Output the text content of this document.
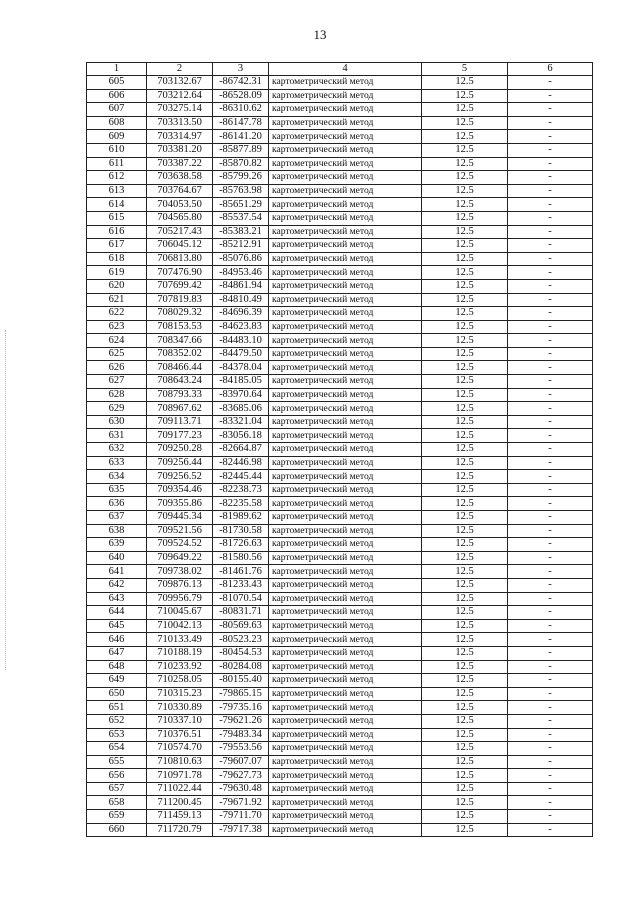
13
1	2	3	4	5	6
605	703132.67	-86742.31	картометрический метод	12.5	-
606	703212.64	-86528.09	картометрический метод	12.5	-
607	703275.14	-86310.62	картометрический метод	12.5	-
608	703313.50	-86147.78	картометрический метод	12.5	-
609	703314.97	-86141.20	картометрический метод	12.5	-
610	703381.20	-85877.89	картометрический метод	12.5	-
611	703387.22	-85870.82	картометрический метод	12.5	-
612	703638.58	-85799.26	картометрический метод	12.5	-
613	703764.67	-85763.98	картометрический метод	12.5	-
614	704053.50	-85651.29	картометрический метод	12.5	-
615	704565.80	-85537.54	картометрический метод	12.5	-
616	705217.43	-85383.21	картометрический метод	12.5	-
617	706045.12	-85212.91	картометрический метод	12.5	-
618	706813.80	-85076.86	картометрический метод	12.5	-
619	707476.90	-84953.46	картометрический метод	12.5	-
620	707699.42	-84861.94	картометрический метод	12.5	-
621	707819.83	-84810.49	картометрический метод	12.5	-
622	708029.32	-84696.39	картометрический метод	12.5	-
623	708153.53	-84623.83	картометрический метод	12.5	-
624	708347.66	-84483.10	картометрический метод	12.5	-
625	708352.02	-84479.50	картометрический метод	12.5	-
626	708466.44	-84378.04	картометрический метод	12.5	-
627	708643.24	-84185.05	картометрический метод	12.5	-
628	708793.33	-83970.64	картометрический метод	12.5	-
629	708967.62	-83685.06	картометрический метод	12.5	-
630	709113.71	-83321.04	картометрический метод	12.5	-
631	709177.23	-83056.18	картометрический метод	12.5	-
632	709250.28	-82664.87	картометрический метод	12.5	-
633	709256.44	-82446.98	картометрический метод	12.5	-
634	709256.52	-82445.44	картометрический метод	12.5	-
635	709354.46	-82238.73	картометрический метод	12.5	-
636	709355.86	-82235.58	картометрический метод	12.5	-
637	709445.34	-81989.62	картометрический метод	12.5	-
638	709521.56	-81730.58	картометрический метод	12.5	-
639	709524.52	-81726.63	картометрический метод	12.5	-
640	709649.22	-81580.56	картометрический метод	12.5	-
641	709738.02	-81461.76	картометрический метод	12.5	-
642	709876.13	-81233.43	картометрический метод	12.5	-
643	709956.79	-81070.54	картометрический метод	12.5	-
644	710045.67	-80831.71	картометрический метод	12.5	-
645	710042.13	-80569.63	картометрический метод	12.5	-
646	710133.49	-80523.23	картометрический метод	12.5	-
647	710188.19	-80454.53	картометрический метод	12.5	-
648	710233.92	-80284.08	картометрический метод	12.5	-
649	710258.05	-80155.40	картометрический метод	12.5	-
650	710315.23	-79865.15	картометрический метод	12.5	-
651	710330.89	-79735.16	картометрический метод	12.5	-
652	710337.10	-79621.26	картометрический метод	12.5	-
653	710376.51	-79483.34	картометрический метод	12.5	-
654	710574.70	-79553.56	картометрический метод	12.5	-
655	710810.63	-79607.07	картометрический метод	12.5	-
656	710971.78	-79627.73	картометрический метод	12.5	-
657	711022.44	-79630.48	картометрический метод	12.5	-
658	711200.45	-79671.92	картометрический метод	12.5	-
659	711459.13	-79711.70	картометрический метод	12.5	-
660	711720.79	-79717.38	картометрический метод	12.5	-
